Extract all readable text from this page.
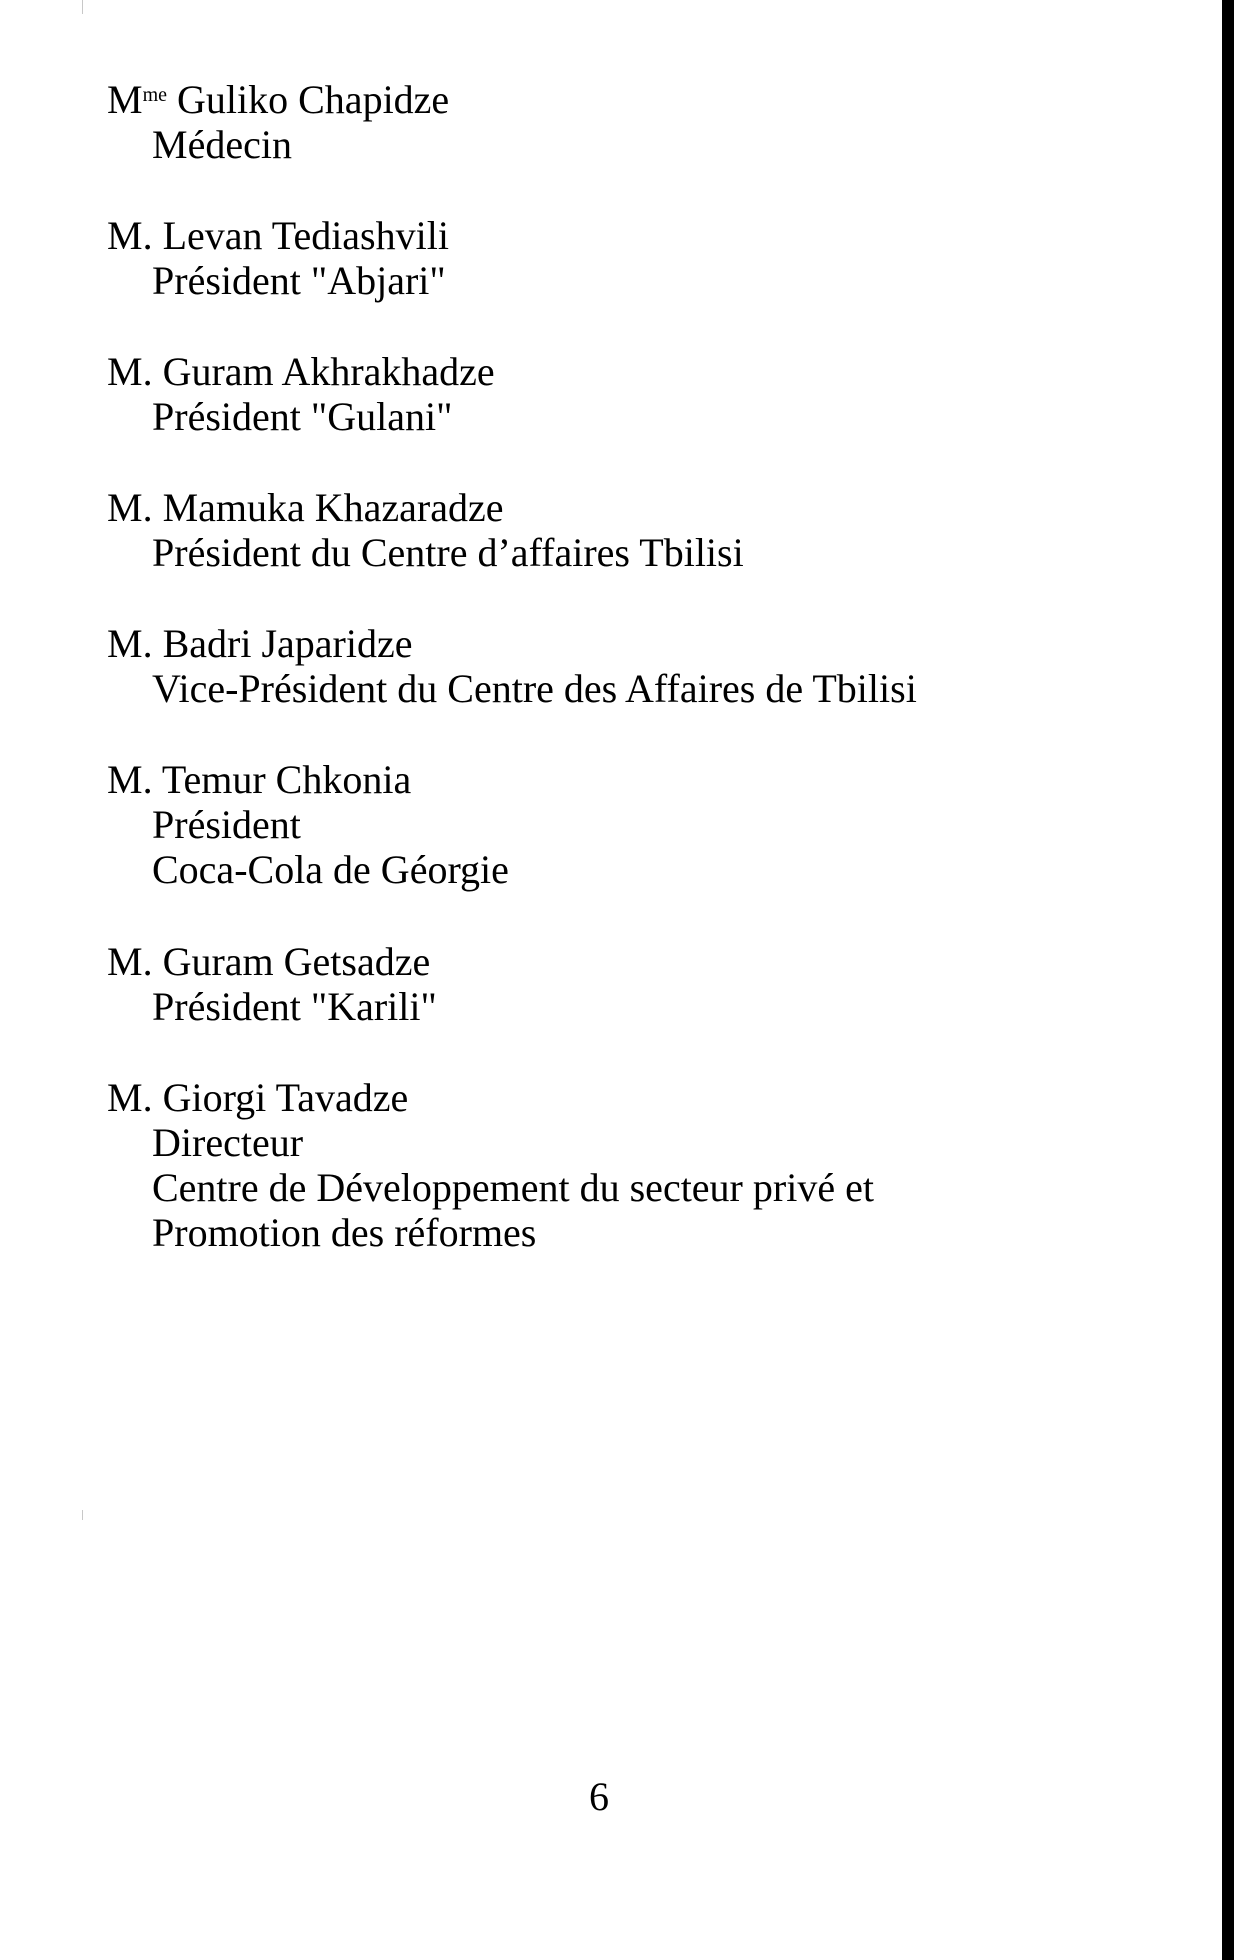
$M^{me}$ Guliko Chapidze

Médecin

M. Levan Tediashvili

Président "Abjari"

M. Guram Akhrakhadze

Président "Gulani"

M. Mamuka Khazaradze

Président du Centre d’affaires Tbilisi

M. Badri Japaridze

Vice-Président du Centre des Affaires de Tbilisi

M. Temur Chkonia

Président

Coca-Cola de Géorgie

M. Guram Getsadze

Président "Karili"

M. Giorgi Tavadze

Directeur

Centre de Développement du secteur privé et

Promotion des réformes

6
